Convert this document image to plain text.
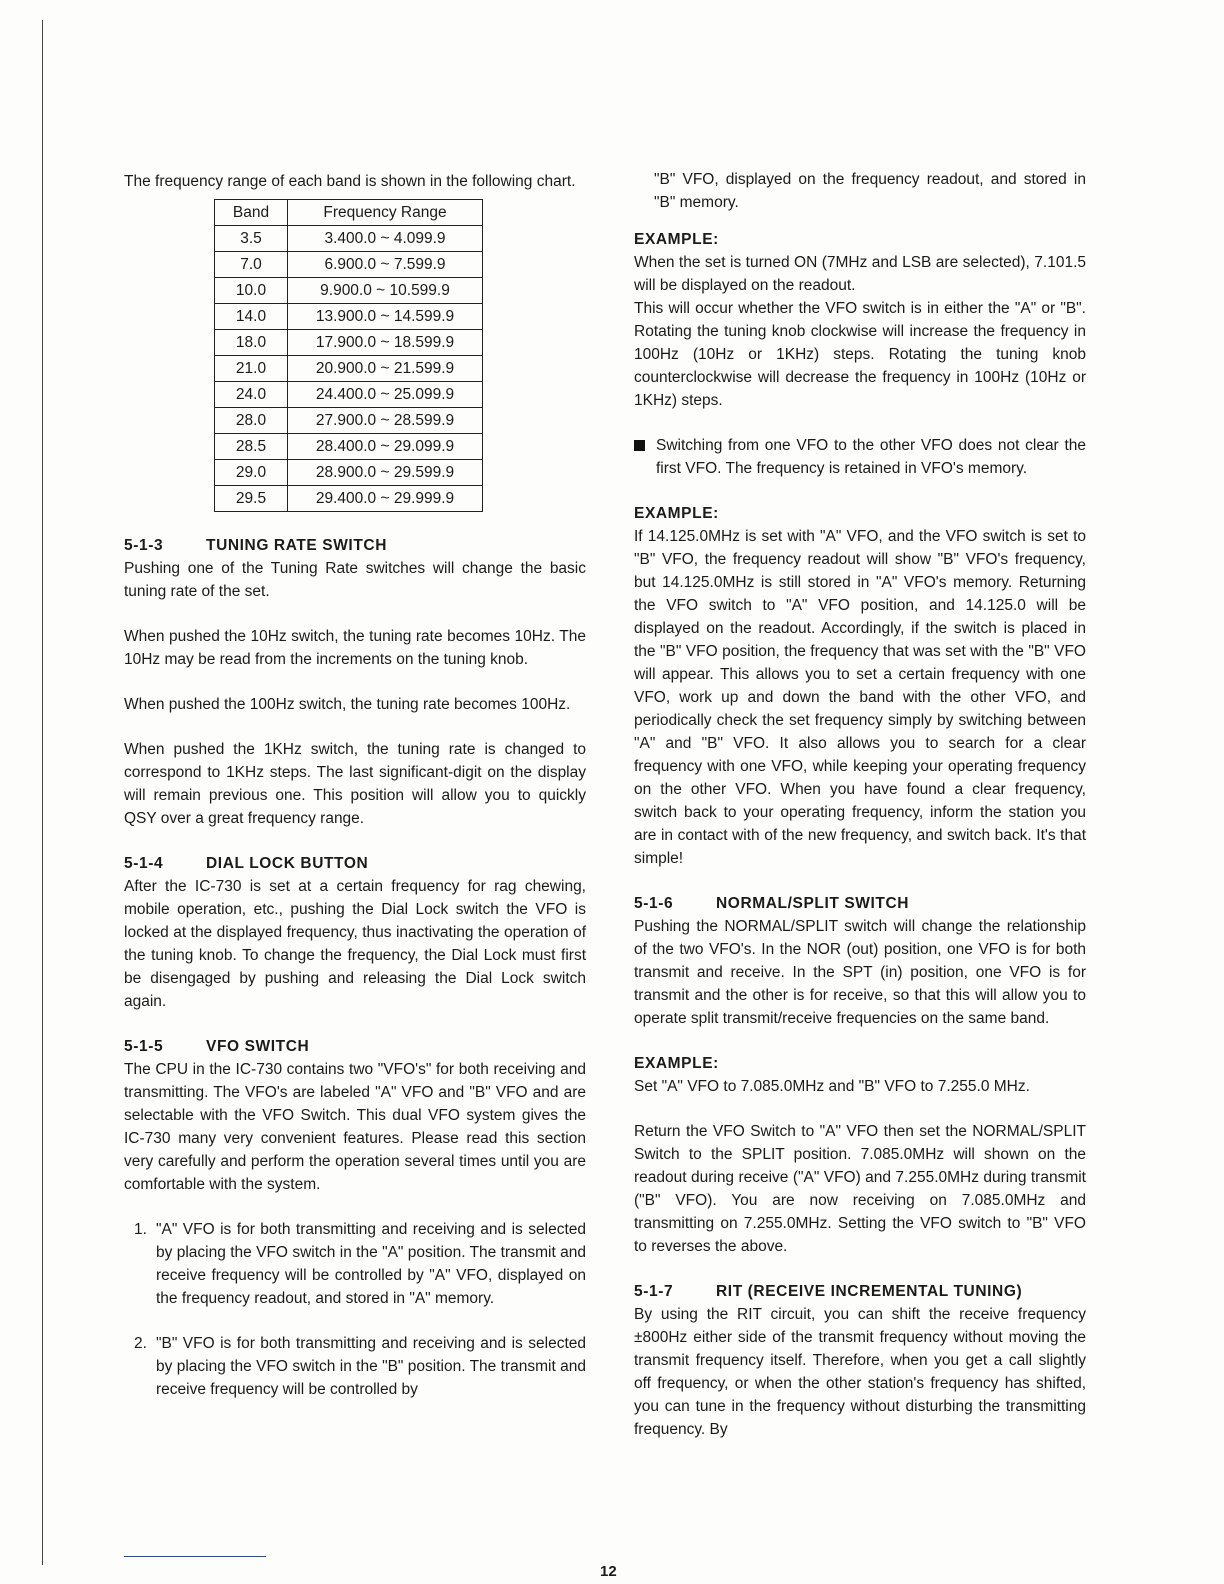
The frequency range of each band is shown in the following chart.

Band	Frequency Range
3.5	3.400.0 ~ 4.099.9
7.0	6.900.0 ~ 7.599.9
10.0	9.900.0 ~ 10.599.9
14.0	13.900.0 ~ 14.599.9
18.0	17.900.0 ~ 18.599.9
21.0	20.900.0 ~ 21.599.9
24.0	24.400.0 ~ 25.099.9
28.0	27.900.0 ~ 28.599.9
28.5	28.400.0 ~ 29.099.9
29.0	28.900.0 ~ 29.599.9
29.5	29.400.0 ~ 29.999.9
5-1-3	TUNING RATE SWITCH

Pushing one of the Tuning Rate switches will change the basic tuning rate of the set.

When pushed the 10Hz switch, the tuning rate becomes 10Hz. The 10Hz may be read from the increments on the tuning knob.

When pushed the 100Hz switch, the tuning rate becomes 100Hz.

When pushed the 1KHz switch, the tuning rate is changed to correspond to 1KHz steps. The last significant-digit on the display will remain previous one. This position will allow you to quickly QSY over a great frequency range.

5-1-4	DIAL LOCK BUTTON

After the IC-730 is set at a certain frequency for rag chewing, mobile operation, etc., pushing the Dial Lock switch the VFO is locked at the displayed frequency, thus inactivating the operation of the tuning knob. To change the frequency, the Dial Lock must first be disengaged by pushing and releasing the Dial Lock switch again.

5-1-5	VFO SWITCH

The CPU in the IC-730 contains two "VFO's" for both receiving and transmitting. The VFO's are labeled "A" VFO and "B" VFO and are selectable with the VFO Switch. This dual VFO system gives the IC-730 many very convenient features. Please read this section very carefully and perform the operation several times until you are comfortable with the system.

1. "A" VFO is for both transmitting and receiving and is selected by placing the VFO switch in the "A" position. The transmit and receive frequency will be controlled by "A" VFO, displayed on the frequency readout, and stored in "A" memory.
2. "B" VFO is for both transmitting and receiving and is selected by placing the VFO switch in the "B" position. The transmit and receive frequency will be controlled by

"B" VFO, displayed on the frequency readout, and stored in "B" memory.

EXAMPLE:

When the set is turned ON (7MHz and LSB are selected), 7.101.5 will be displayed on the readout.

This will occur whether the VFO switch is in either the "A" or "B". Rotating the tuning knob clockwise will increase the frequency in 100Hz (10Hz or 1KHz) steps. Rotating the tuning knob counterclockwise will decrease the frequency in 100Hz (10Hz or 1KHz) steps.

Switching from one VFO to the other VFO does not clear the first VFO. The frequency is retained in VFO's memory.

EXAMPLE:

If 14.125.0MHz is set with "A" VFO, and the VFO switch is set to "B" VFO, the frequency readout will show "B" VFO's frequency, but 14.125.0MHz is still stored in "A" VFO's memory. Returning the VFO switch to "A" VFO position, and 14.125.0 will be displayed on the readout. Accordingly, if the switch is placed in the "B" VFO position, the frequency that was set with the "B" VFO will appear. This allows you to set a certain frequency with one VFO, work up and down the band with the other VFO, and periodically check the set frequency simply by switching between "A" and "B" VFO. It also allows you to search for a clear frequency with one VFO, while keeping your operating frequency on the other VFO. When you have found a clear frequency, switch back to your operating frequency, inform the station you are in contact with of the new frequency, and switch back. It's that simple!

5-1-6	NORMAL/SPLIT SWITCH

Pushing the NORMAL/SPLIT switch will change the relationship of the two VFO's. In the NOR (out) position, one VFO is for both transmit and receive. In the SPT (in) position, one VFO is for transmit and the other is for receive, so that this will allow you to operate split transmit/receive frequencies on the same band.

EXAMPLE:

Set "A" VFO to 7.085.0MHz and "B" VFO to 7.255.0 MHz.

Return the VFO Switch to "A" VFO then set the NORMAL/SPLIT Switch to the SPLIT position. 7.085.0MHz will shown on the readout during receive ("A" VFO) and 7.255.0MHz during transmit ("B" VFO). You are now receiving on 7.085.0MHz and transmitting on 7.255.0MHz. Setting the VFO switch to "B" VFO to reverses the above.

5-1-7	RIT (RECEIVE INCREMENTAL TUNING)

By using the RIT circuit, you can shift the receive frequency ±800Hz either side of the transmit frequency without moving the transmit frequency itself. Therefore, when you get a call slightly off frequency, or when the other station's frequency has shifted, you can tune in the frequency without disturbing the transmitting frequency. By

12
